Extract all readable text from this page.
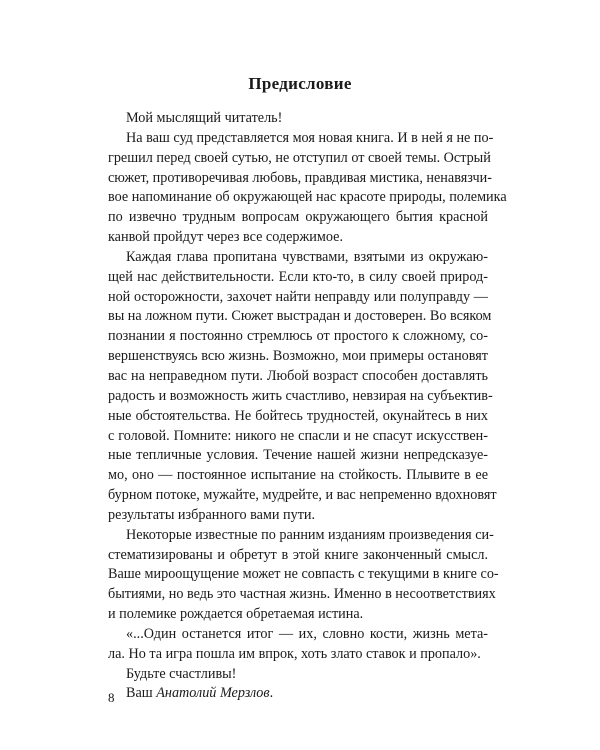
Предисловие

Мой мыслящий читатель!

На ваш суд представляется моя новая книга. И в ней я не по-
грешил перед своей сутью, не отступил от своей темы. Острый
сюжет, противоречивая любовь, правдивая мистика, ненавязчи-
вое напоминание об окружающей нас красоте природы, полемика
по извечно трудным вопросам окружающего бытия красной
канвой пройдут через все содержимое.

Каждая глава пропитана чувствами, взятыми из окружаю-
щей нас действительности. Если кто-то, в силу своей природ-
ной осторожности, захочет найти неправду или полуправду —
вы на ложном пути. Сюжет выстрадан и достоверен. Во всяком
познании я постоянно стремлюсь от простого к сложному, со-
вершенствуясь всю жизнь. Возможно, мои примеры остановят
вас на неправедном пути. Любой возраст способен доставлять
радость и возможность жить счастливо, невзирая на субъектив-
ные обстоятельства. Не бойтесь трудностей, окунайтесь в них
с головой. Помните: никого не спасли и не спасут искусствен-
ные тепличные условия. Течение нашей жизни непредсказуе-
мо, оно — постоянное испытание на стойкость. Плывите в ее
бурном потоке, мужайте, мудрейте, и вас непременно вдохновят
результаты избранного вами пути.

Некоторые известные по ранним изданиям произведения си-
стематизированы и обретут в этой книге законченный смысл.
Ваше мироощущение может не совпасть с текущими в книге со-
бытиями, но ведь это частная жизнь. Именно в несоответствиях
и полемике рождается обретаемая истина.

«...Один останется итог — их, словно кости, жизнь мета-
ла. Но та игра пошла им впрок, хоть злато ставок и пропало».

Будьте счастливы!

Ваш Анатолий Мерзлов.

8
